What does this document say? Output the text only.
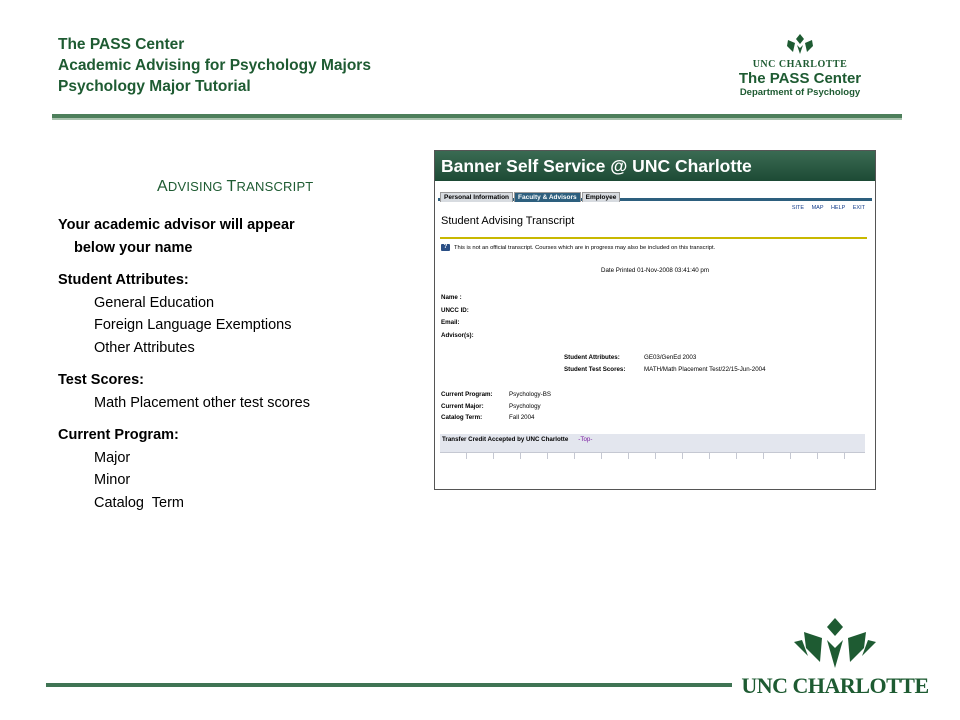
The PASS Center
Academic Advising for Psychology Majors
Psychology Major Tutorial
UNC CHARLOTTE
The PASS Center
Department of Psychology
ADVISING TRANSCRIPT
Your academic advisor will appear
below your name
Student Attributes:
General Education
Foreign Language Exemptions
Other Attributes
Test Scores:
Math Placement other test scores
Current Program:
Major
Minor
Catalog  Term
Banner Self Service @ UNC Charlotte
Personal Information Faculty & Advisors Employee
SITE MAP HELP EXIT
Student Advising Transcript
?	This is not an official transcript. Courses which are in progress may also be included on this transcript.
Date Printed 01-Nov-2008 03:41:40 pm
Name :
UNCC ID:
Email:
Advisor(s):
Student Attributes:	GE03/GenEd 2003
Student Test Scores:	MATH/Math Placement Test/22/15-Jun-2004
Current Program:	Psychology-BS
Current Major:	Psychology
Catalog Term:	Fall 2004
Transfer Credit Accepted by UNC Charlotte -Top-
UNC CHARLOTTE
